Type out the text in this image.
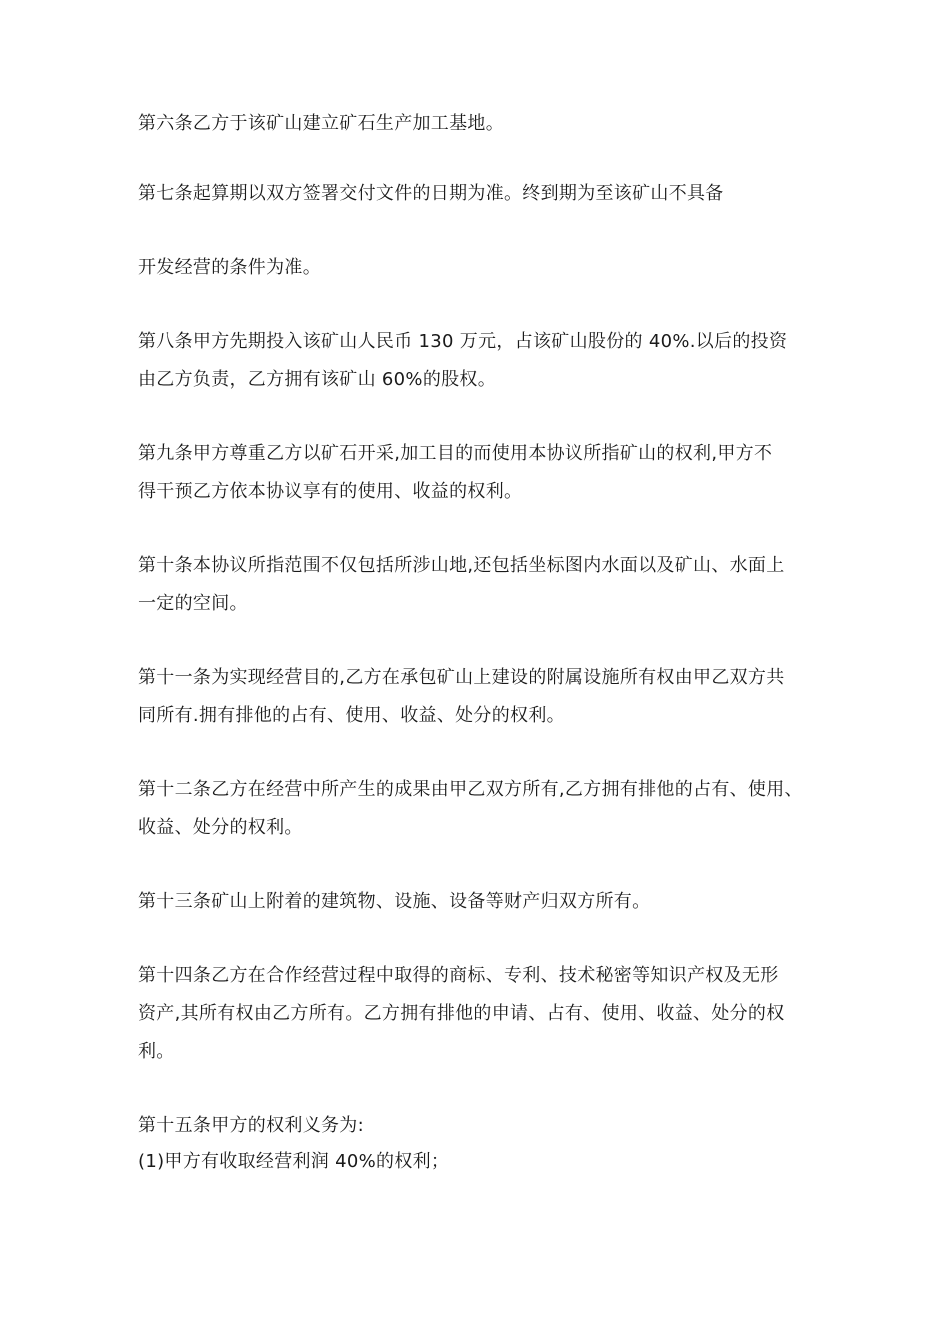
第六条乙方于该矿山建立矿石生产加工基地。
第七条起算期以双方签署交付文件的日期为准。终到期为至该矿山不具备
开发经营的条件为准。
第八条甲方先期投入该矿山人民币 130 万元，占该矿山股份的 40%.以后的投资
由乙方负责，乙方拥有该矿山 60%的股权。
第九条甲方尊重乙方以矿石开采,加工目的而使用本协议所指矿山的权利,甲方不
得干预乙方依本协议享有的使用、收益的权利。
第十条本协议所指范围不仅包括所涉山地,还包括坐标图内水面以及矿山、水面上
一定的空间。
第十一条为实现经营目的,乙方在承包矿山上建设的附属设施所有权由甲乙双方共
同所有.拥有排他的占有、使用、收益、处分的权利。
第十二条乙方在经营中所产生的成果由甲乙双方所有,乙方拥有排他的占有、使用、
收益、处分的权利。
第十三条矿山上附着的建筑物、设施、设备等财产归双方所有。
第十四条乙方在合作经营过程中取得的商标、专利、技术秘密等知识产权及无形
资产,其所有权由乙方所有。乙方拥有排他的申请、占有、使用、收益、处分的权
利。
第十五条甲方的权利义务为:
(1)甲方有收取经营利润 40%的权利；
